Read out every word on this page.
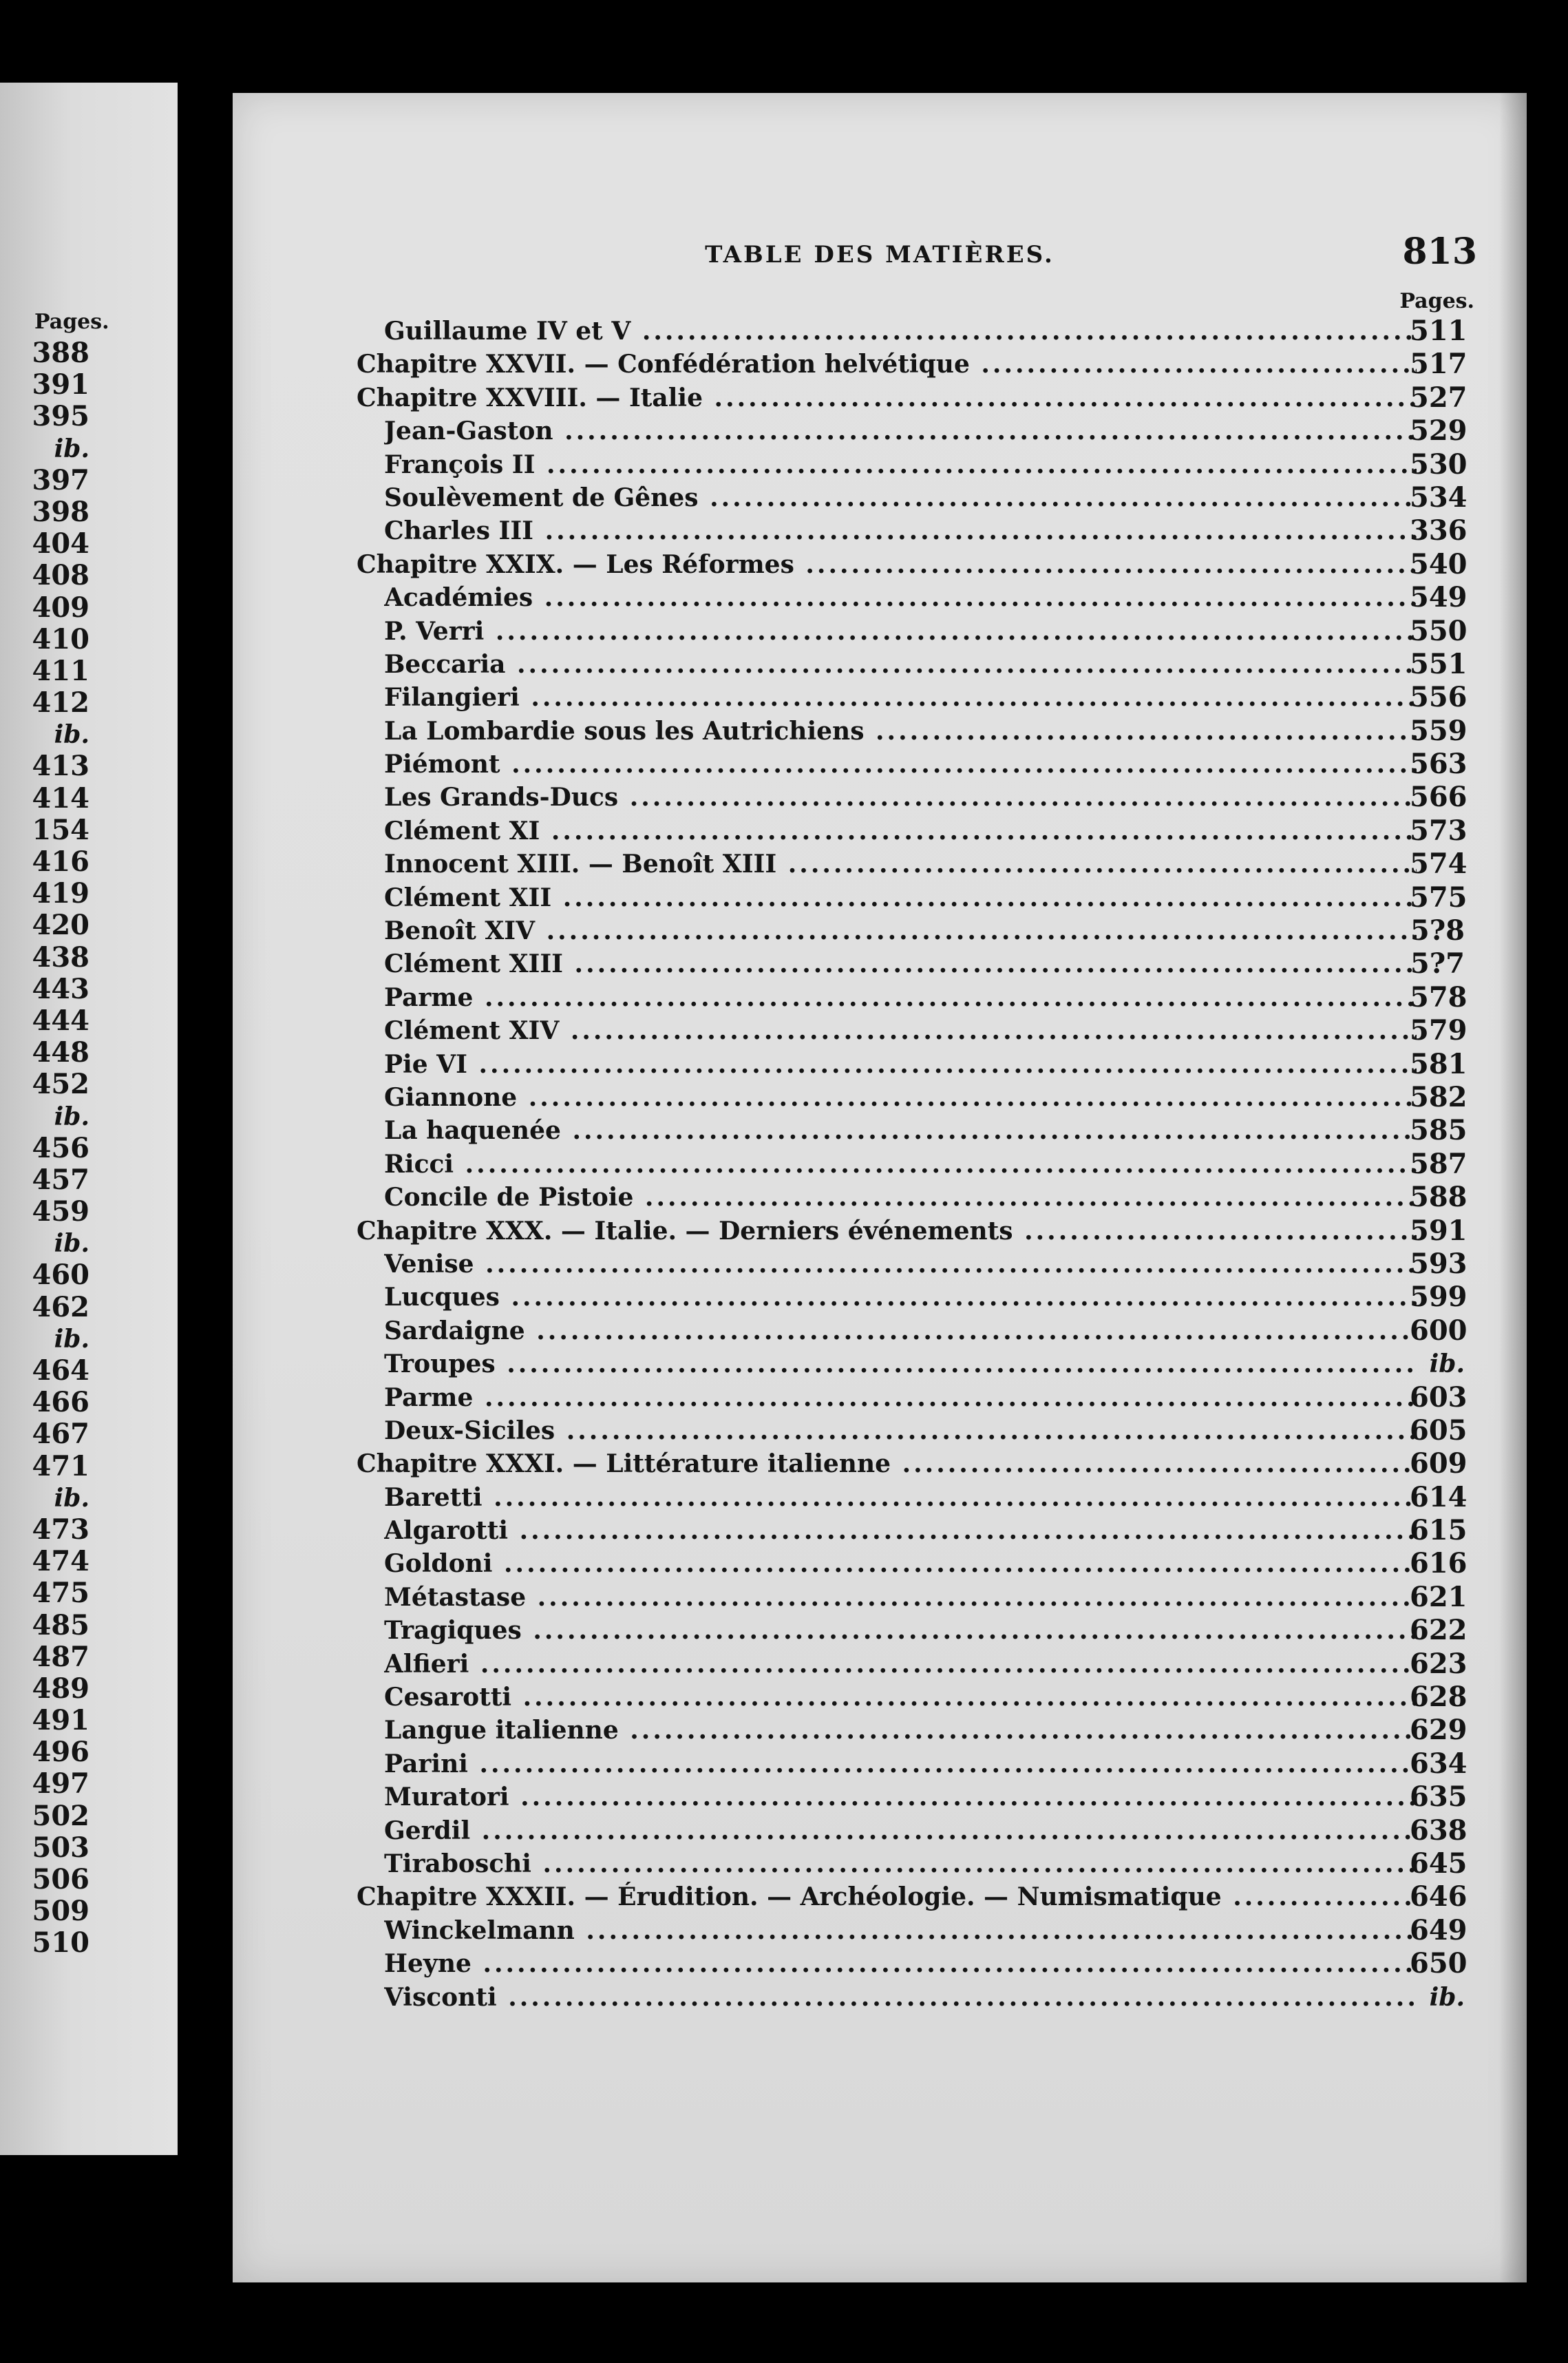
Pages.
388
391
395
ib.
397
398
404
408
409
410
411
412
ib.
413
414
154
416
419
420
438
443
444
448
452
ib.
456
457
459
ib.
460
462
ib.
464
466
467
471
ib.
473
474
475
485
487
489
491
496
497
502
503
506
509
510
TABLE DES MATIÈRES.	813
Pages.
Guillaume IV et V .....	511
Chapitre XXVII. — Confédération helvétique .....	517
Chapitre XXVIII. — Italie .....	527
Jean-Gaston .....	529
François II .....	530
Soulèvement de Gênes .....	534
Charles III .....	336
Chapitre XXIX. — Les Réformes .....	540
Académies .....	549
P. Verri .....	550
Beccaria .....	551
Filangieri .....	556
La Lombardie sous les Autrichiens .....	559
Piémont .....	563
Les Grands-Ducs .....	566
Clément XI .....	573
Innocent XIII. — Benoît XIII .....	574
Clément XII .....	575
Benoît XIV .....	5?8
Clément XIII .....	5?7
Parme .....	578
Clément XIV .....	579
Pie VI .....	581
Giannone .....	582
La haquenée .....	585
Ricci .....	587
Concile de Pistoie .....	588
Chapitre XXX. — Italie. — Derniers événements .....	591
Venise .....	593
Lucques .....	599
Sardaigne .....	600
Troupes .....	ib.
Parme .....	603
Deux-Siciles .....	605
Chapitre XXXI. — Littérature italienne .....	609
Baretti .....	614
Algarotti .....	615
Goldoni .....	616
Métastase .....	621
Tragiques .....	622
Alfieri .....	623
Cesarotti .....	628
Langue italienne .....	629
Parini .....	634
Muratori .....	635
Gerdil .....	638
Tiraboschi .....	645
Chapitre XXXII. — Érudition. — Archéologie. — Numismatique .....	646
Winckelmann .....	649
Heyne .....	650
Visconti .....	ib.
